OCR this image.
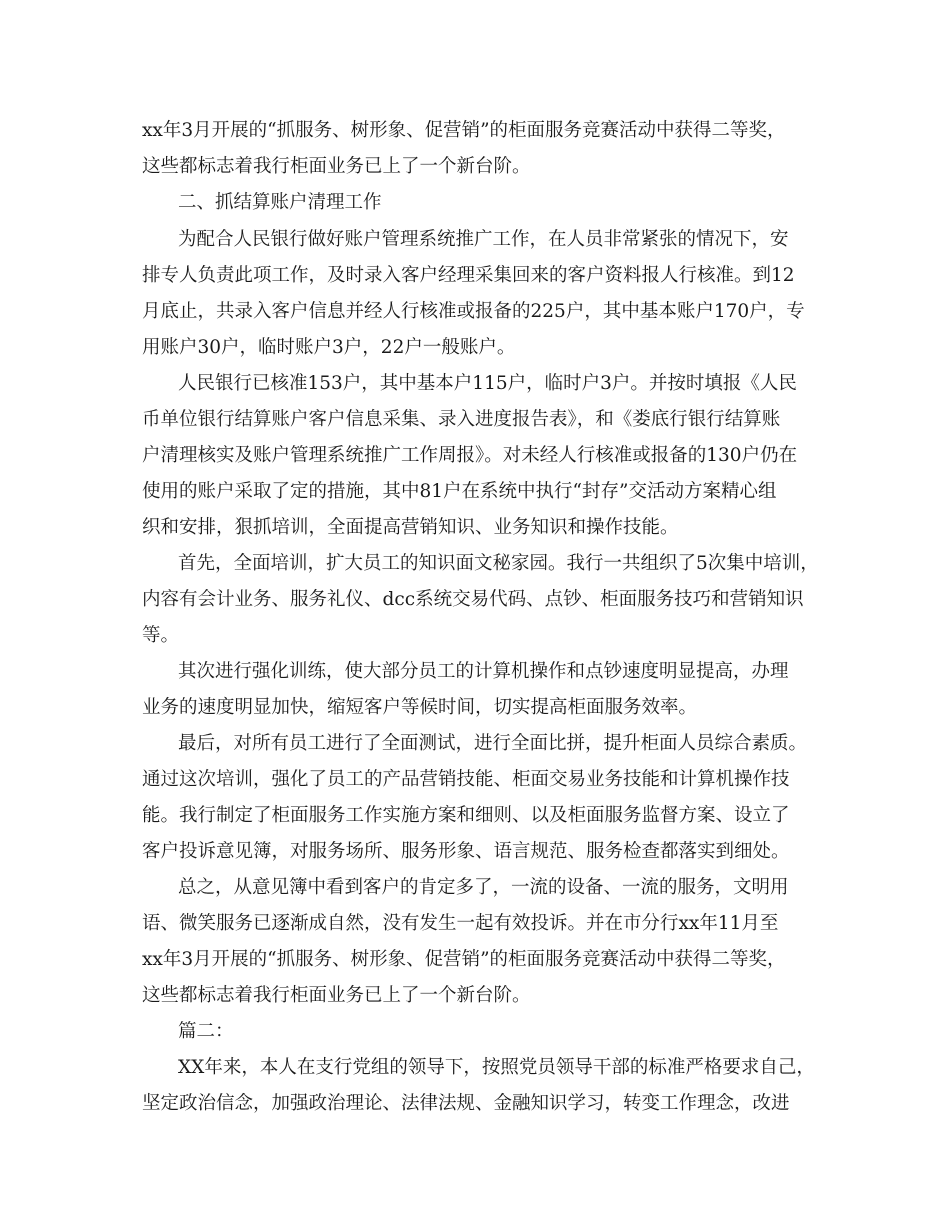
xx年3月开展的“抓服务、树形象、促营销”的柜面服务竞赛活动中获得二等奖，
这些都标志着我行柜面业务已上了一个新台阶。
二、抓结算账户清理工作
为配合人民银行做好账户管理系统推广工作，在人员非常紧张的情况下，安
排专人负责此项工作，及时录入客户经理采集回来的客户资料报人行核准。到12
月底止，共录入客户信息并经人行核准或报备的225户，其中基本账户170户，专
用账户30户，临时账户3户，22户一般账户。
人民银行已核准153户，其中基本户115户，临时户3户。并按时填报《人民
币单位银行结算账户客户信息采集、录入进度报告表》，和《娄底行银行结算账
户清理核实及账户管理系统推广工作周报》。对未经人行核准或报备的130户仍在
使用的账户采取了定的措施，其中81户在系统中执行“封存”交活动方案精心组
织和安排，狠抓培训，全面提高营销知识、业务知识和操作技能。
首先，全面培训，扩大员工的知识面文秘家园。我行一共组织了5次集中培训，
内容有会计业务、服务礼仪、dcc系统交易代码、点钞、柜面服务技巧和营销知识
等。
其次进行强化训练，使大部分员工的计算机操作和点钞速度明显提高，办理
业务的速度明显加快，缩短客户等候时间，切实提高柜面服务效率。
最后，对所有员工进行了全面测试，进行全面比拼，提升柜面人员综合素质。
通过这次培训，强化了员工的产品营销技能、柜面交易业务技能和计算机操作技
能。我行制定了柜面服务工作实施方案和细则、以及柜面服务监督方案、设立了
客户投诉意见簿，对服务场所、服务形象、语言规范、服务检查都落实到细处。
总之，从意见簿中看到客户的肯定多了，一流的设备、一流的服务，文明用
语、微笑服务已逐渐成自然，没有发生一起有效投诉。并在市分行xx年11月至
xx年3月开展的“抓服务、树形象、促营销”的柜面服务竞赛活动中获得二等奖，
这些都标志着我行柜面业务已上了一个新台阶。
篇二：
XX年来，本人在支行党组的领导下，按照党员领导干部的标准严格要求自己，
坚定政治信念，加强政治理论、法律法规、金融知识学习，转变工作理念，改进
